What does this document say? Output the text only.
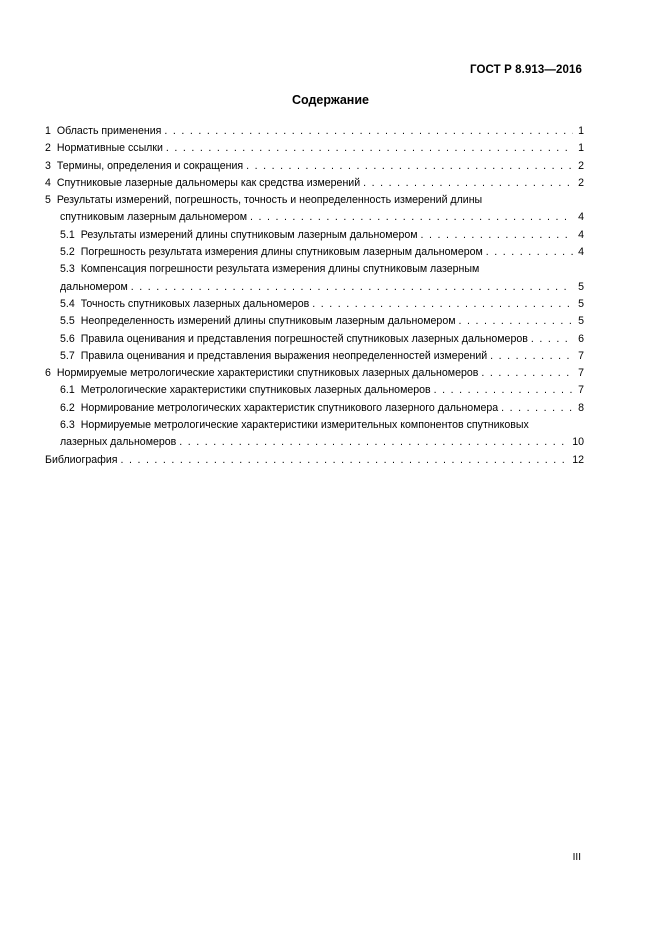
ГОСТ Р 8.913—2016
Содержание
1 Область применения . . .	1
2 Нормативные ссылки . . .	1
3 Термины, определения и сокращения . . .	2
4 Спутниковые лазерные дальномеры как средства измерений . . .	2
5 Результаты измерений, погрешность, точность и неопределенность измерений длины
спутниковым лазерным дальномером . . .	4
5.1 Результаты измерений длины спутниковым лазерным дальномером . . .	4
5.2 Погрешность результата измерения длины спутниковым лазерным дальномером . . .	4
5.3 Компенсация погрешности результата измерения длины спутниковым лазерным
дальномером . . .	5
5.4 Точность спутниковых лазерных дальномеров . . .	5
5.5 Неопределенность измерений длины спутниковым лазерным дальномером . . .	5
5.6 Правила оценивания и представления погрешностей спутниковых лазерных дальномеров . . .	6
5.7 Правила оценивания и представления выражения неопределенностей измерений . . .	7
6 Нормируемые метрологические характеристики спутниковых лазерных дальномеров . . .	7
6.1 Метрологические характеристики спутниковых лазерных дальномеров . . .	7
6.2 Нормирование метрологических характеристик спутникового лазерного дальномера . . .	8
6.3 Нормируемые метрологические характеристики измерительных компонентов спутниковых
лазерных дальномеров . . .	10
Библиография . . .	12
III
